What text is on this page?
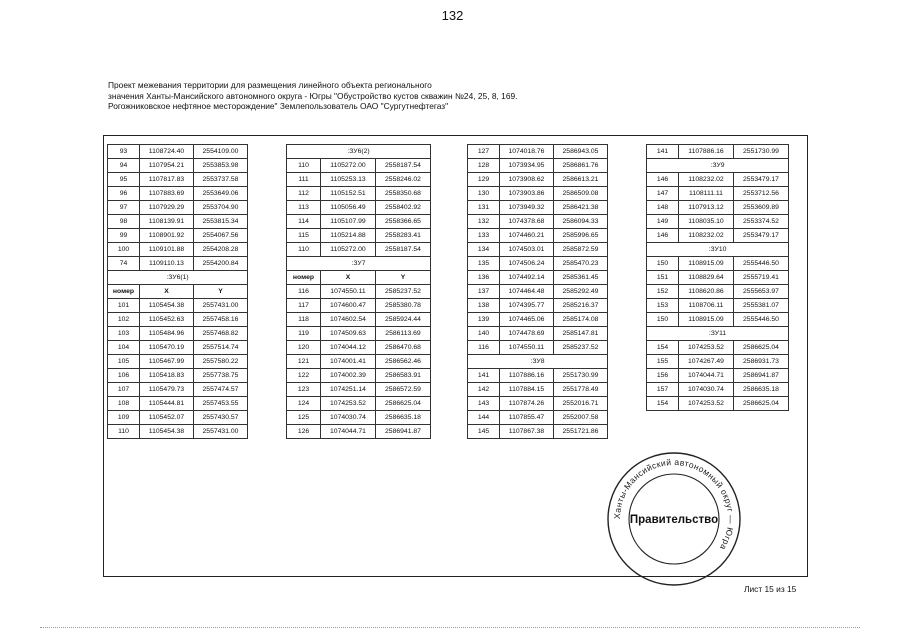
132
Проект межевания территории для размещения линейного объекта регионального
значения Ханты-Мансийского автономного округа - Югры "Обустройство кустов скважин №24, 25, 8, 169.
Рогожниковское нефтяное месторождение" Землепользователь ОАО "Сургутнефтегаз"
93	1108724.40	2554109.00
94	1107954.21	2553853.98
95	1107817.83	2553737.58
96	1107883.69	2553649.06
97	1107929.29	2553704.90
98	1108139.91	2553815.34
99	1108901.92	2554067.56
100	1109101.88	2554208.28
74	1109110.13	2554200.84
:ЗУ6(1)		
номер	X	Y
101	1105454.38	2557431.00
102	1105452.63	2557458.16
103	1105484.96	2557468.82
104	1105470.19	2557514.74
105	1105467.99	2557580.22
106	1105418.83	2557738.75
107	1105479.73	2557474.57
108	1105444.81	2557453.55
109	1105452.07	2557430.57
110	1105454.38	2557431.00
:ЗУ6(2)		
110	1105272.00	2558187.54
111	1105253.13	2558246.02
112	1105152.51	2558350.68
113	1105056.49	2558402.92
114	1105107.99	2558366.65
115	1105214.88	2558283.41
110	1105272.00	2558187.54
:ЗУ7		
номер	X	Y
116	1074550.11	2585237.52
117	1074600.47	2585380.78
118	1074602.54	2585924.44
119	1074509.63	2586113.69
120	1074044.12	2586470.68
121	1074001.41	2586562.46
122	1074002.39	2586583.91
123	1074251.14	2586572.59
124	1074253.52	2586625.04
125	1074030.74	2586635.18
126	1074044.71	2586941.87
127	1074018.76	2586943.05
128	1073934.95	2586861.76
129	1073908.62	2586613.21
130	1073903.86	2586509.08
131	1073949.32	2586421.38
132	1074378.68	2586094.33
133	1074460.21	2585996.65
134	1074503.01	2585872.59
135	1074506.24	2585470.23
136	1074492.14	2585361.45
137	1074464.48	2585292.49
138	1074395.77	2585216.37
139	1074465.06	2585174.08
140	1074478.69	2585147.81
116	1074550.11	2585237.52
:ЗУ8		
141	1107886.16	2551730.99
142	1107884.15	2551778.49
143	1107874.26	2552016.71
144	1107855.47	2552007.58
145	1107867.38	2551721.86
141	1107886.16	2551730.99
:ЗУ9		
146	1108232.02	2553479.17
147	1108111.11	2553712.56
148	1107913.12	2553609.89
149	1108035.10	2553374.52
146	1108232.02	2553479.17
:ЗУ10		
150	1108915.09	2555446.50
151	1108829.64	2555719.41
152	1108620.86	2555653.97
153	1108706.11	2555381.07
150	1108915.09	2555446.50
:ЗУ11		
154	1074253.52	2586625.04
155	1074267.49	2586931.73
156	1074044.71	2586941.87
157	1074030.74	2586635.18
154	1074253.52	2586625.04
Ханты-Мансийский автономный округ — Югра
Правительство
Лист 15 из 15
